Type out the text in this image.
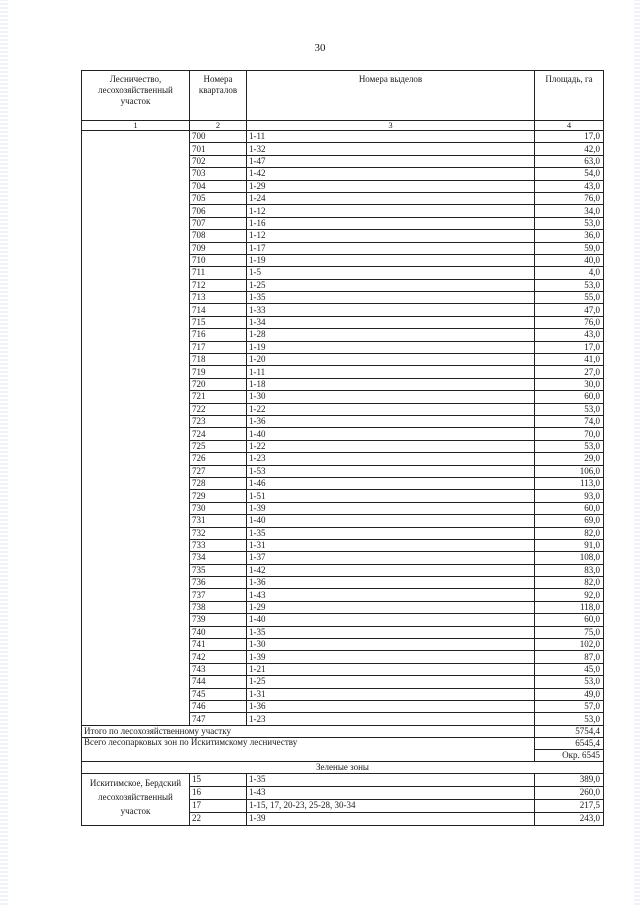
30
Лесничество, лесохозяйственный участок	Номера кварталов	Номера выделов	Площадь, га
1	2	3	4
	700	1-11	17,0
	701	1-32	42,0
	702	1-47	63,0
	703	1-42	54,0
	704	1-29	43,0
	705	1-24	76,0
	706	1-12	34,0
	707	1-16	53,0
	708	1-12	36,0
	709	1-17	59,0
	710	1-19	40,0
	711	1-5	4,0
	712	1-25	53,0
	713	1-35	55,0
	714	1-33	47,0
	715	1-34	76,0
	716	1-28	43,0
	717	1-19	17,0
	718	1-20	41,0
	719	1-11	27,0
	720	1-18	30,0
	721	1-30	60,0
	722	1-22	53,0
	723	1-36	74,0
	724	1-40	70,0
	725	1-22	53,0
	726	1-23	29,0
	727	1-53	106,0
	728	1-46	113,0
	729	1-51	93,0
	730	1-39	60,0
	731	1-40	69,0
	732	1-35	82,0
	733	1-31	91,0
	734	1-37	108,0
	735	1-42	83,0
	736	1-36	82,0
	737	1-43	92,0
	738	1-29	118,0
	739	1-40	60,0
	740	1-35	75,0
	741	1-30	102,0
	742	1-39	87,0
	743	1-21	45,0
	744	1-25	53,0
	745	1-31	49,0
	746	1-36	57,0
	747	1-23	53,0
Итого по лесохозяйственному участку			5754,4
Всего лесопарковых зон по Искитимскому лесничеству			6545,4
			Окр. 6545
Зеленые зоны			
Искитимское, Бердский лесохозяйственный участок	15	1-35	389,0
	16	1-43	260,0
	17	1-15, 17, 20-23, 25-28, 30-34	217,5
	22	1-39	243,0
